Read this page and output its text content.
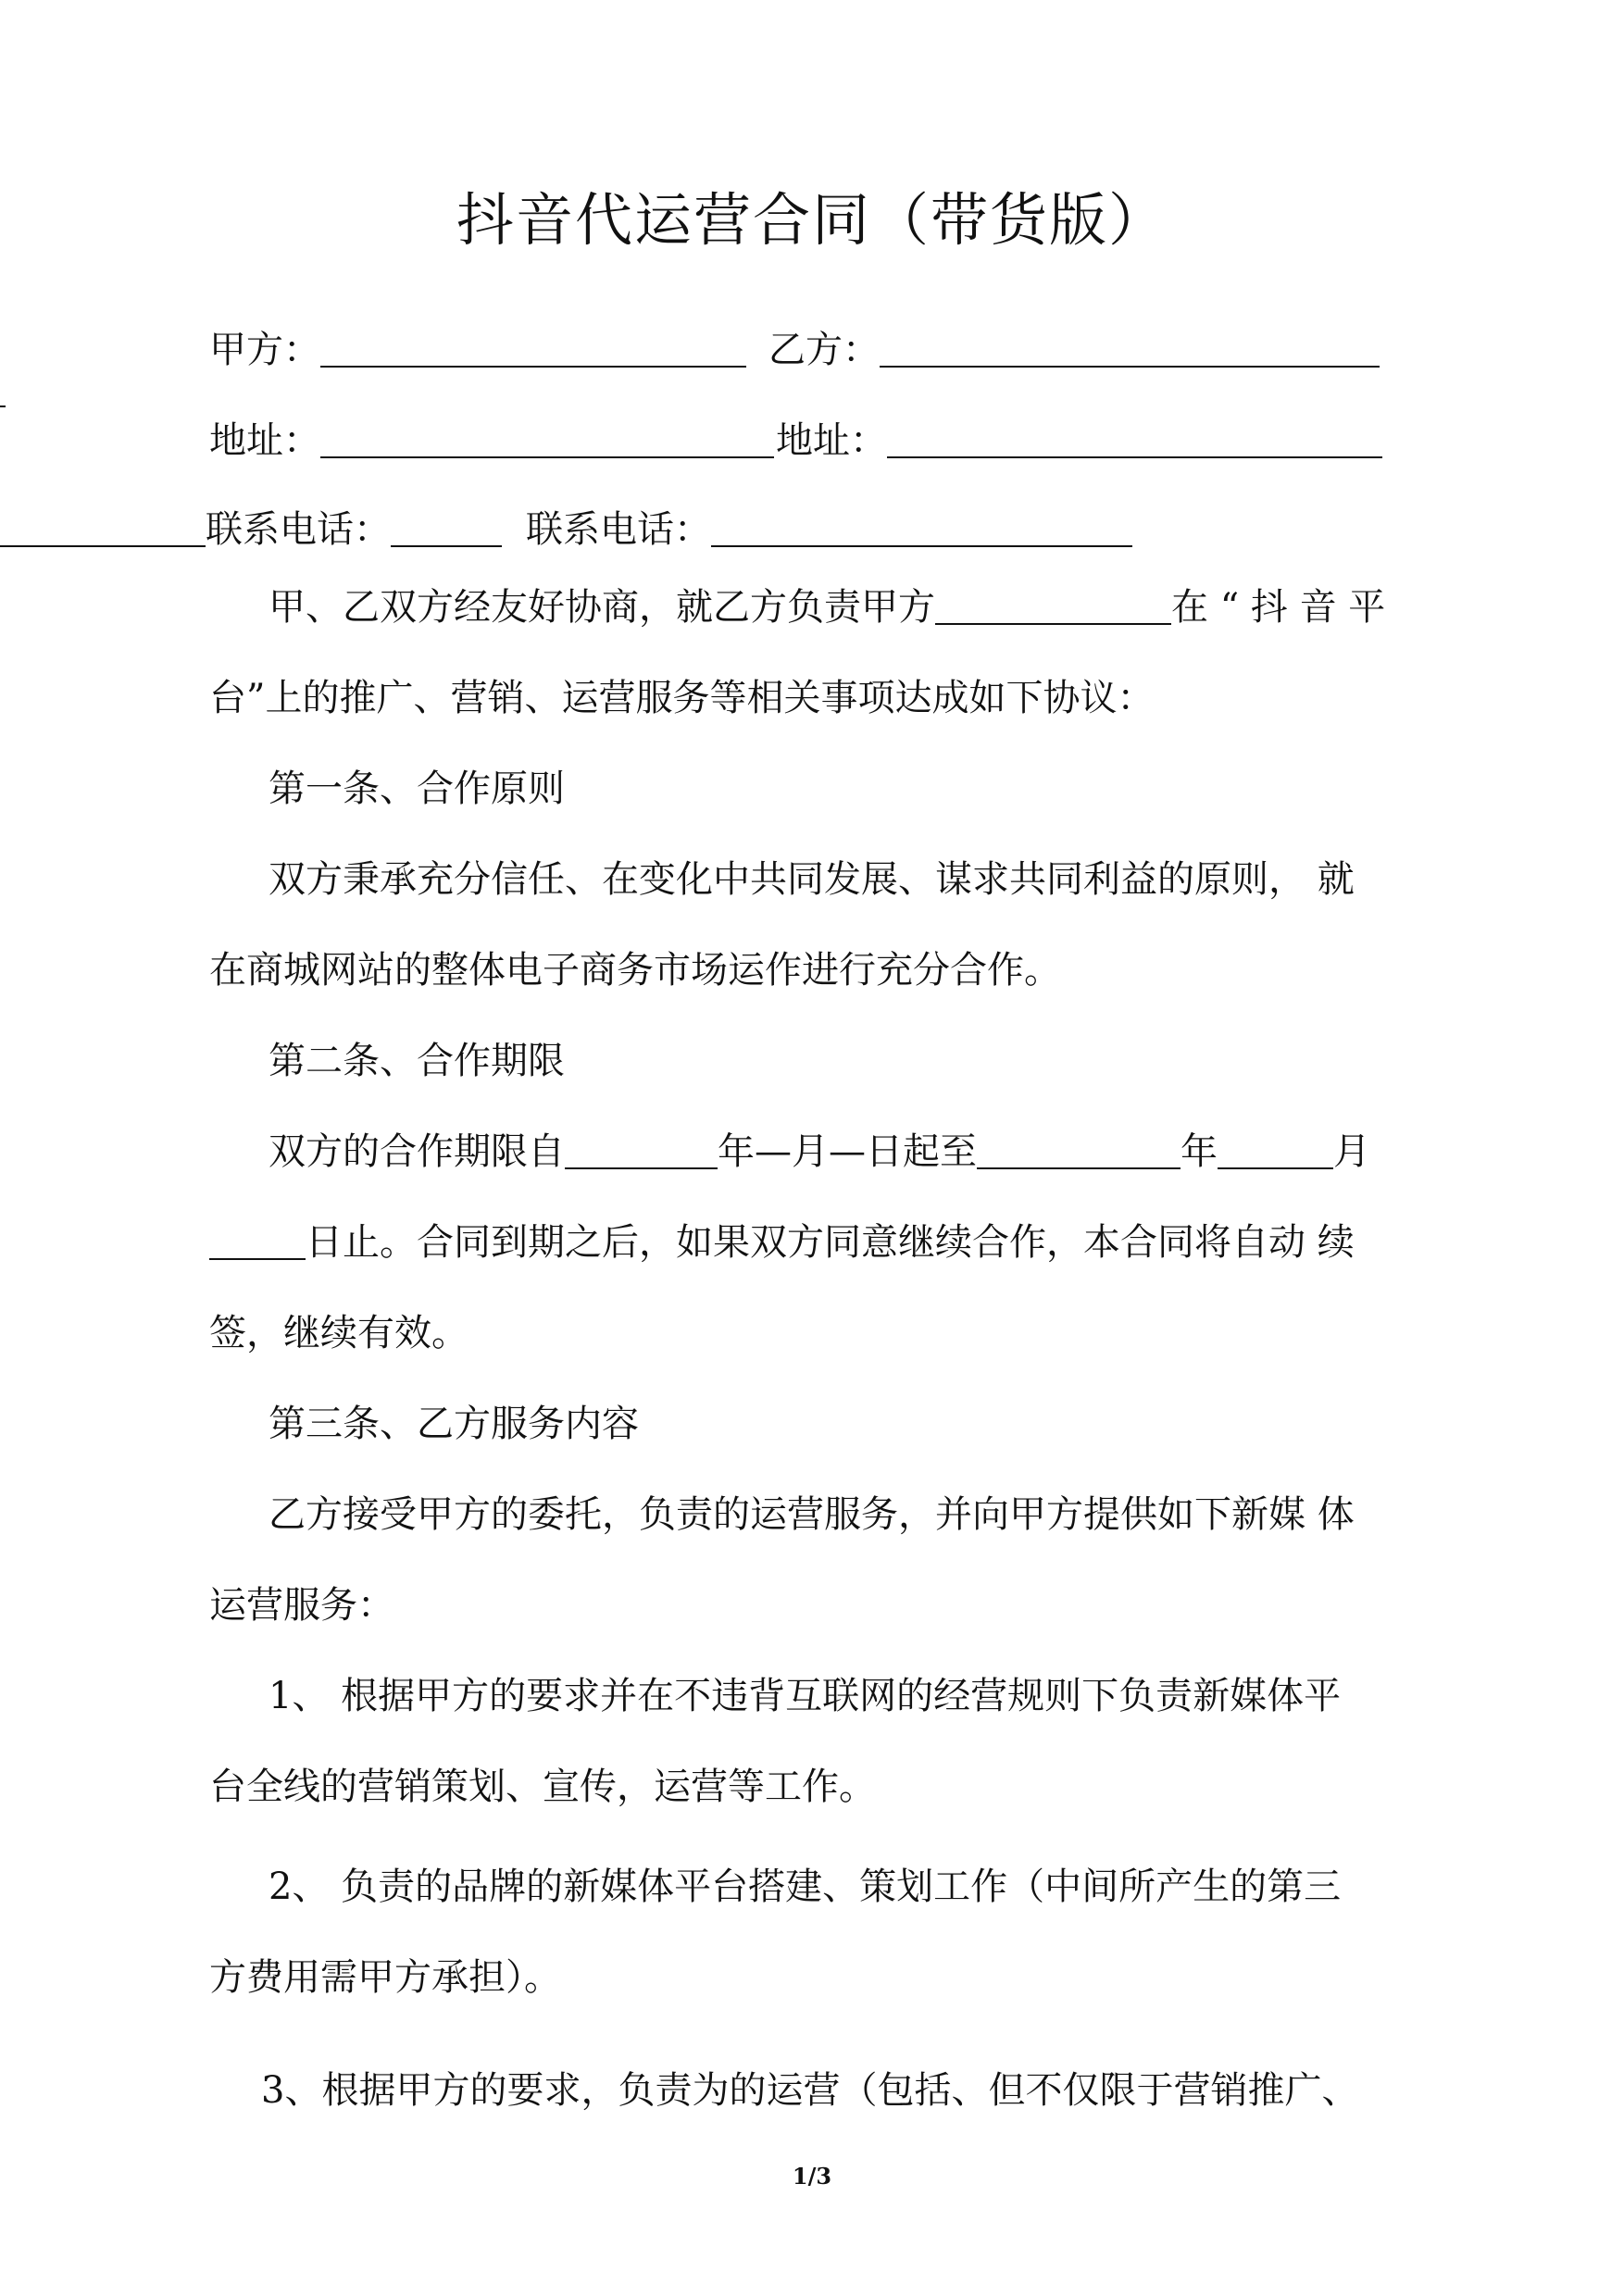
抖音代运营合同（带货版）
甲方：	乙方：
地址：	地址：
联系电话：	联系电话：
甲、乙双方经友好协商，就乙方负责甲方	在 “ 抖 音 平
台”上的推广、营销、运营服务等相关事项达成如下协议：
第一条、合作原则
双方秉承充分信任、在变化中共同发展、谋求共同利益的原则， 就
在商城网站的整体电子商务市场运作进行充分合作。
第二条、合作期限
双方的合作期限自	年—月—日起至	年	月
日止。合同到期之后，如果双方同意继续合作，本合同将自动 续
签，继续有效。
第三条、乙方服务内容
乙方接受甲方的委托，负责的运营服务，并向甲方提供如下新媒 体
运营服务：
1、 根据甲方的要求并在不违背互联网的经营规则下负责新媒体平
台全线的营销策划、宣传，运营等工作。
2、 负责的品牌的新媒体平台搭建、策划工作（中间所产生的第三
方费用需甲方承担）。
3、根据甲方的要求，负责为的运营（包括、但不仅限于营销推广、
1/3
